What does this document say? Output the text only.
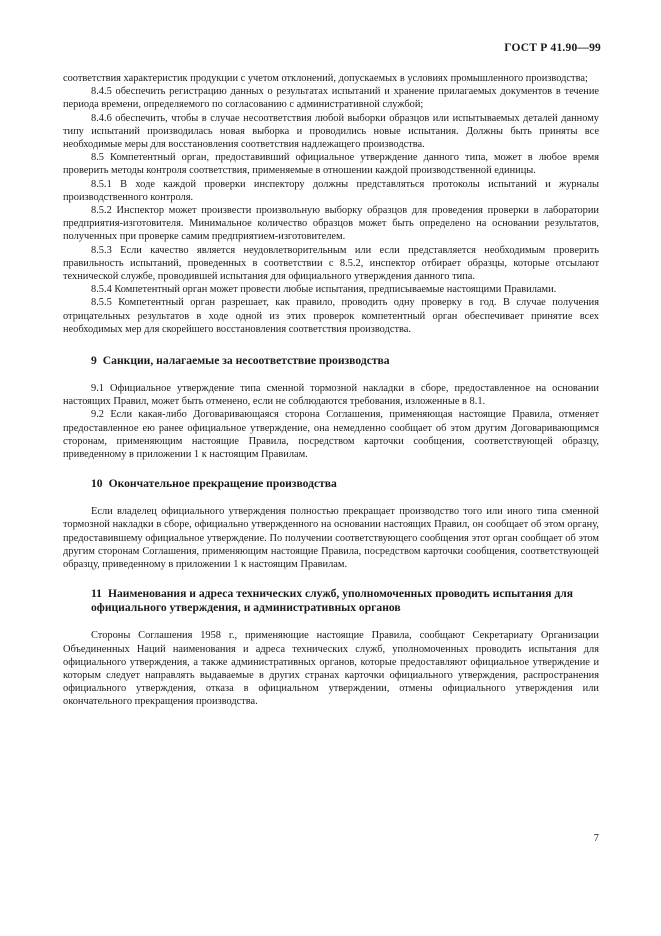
ГОСТ Р 41.90—99

соответствия характеристик продукции с учетом отклонений, допускаемых в условиях промышленного производства;

8.4.5 обеспечить регистрацию данных о результатах испытаний и хранение прилагаемых документов в течение периода времени, определяемого по согласованию с административной службой;

8.4.6 обеспечить, чтобы в случае несоответствия любой выборки образцов или испытываемых деталей данному типу испытаний производилась новая выборка и проводились новые испытания. Должны быть приняты все необходимые меры для восстановления соответствия надлежащего производства.

8.5 Компетентный орган, предоставивший официальное утверждение данного типа, может в любое время проверить методы контроля соответствия, применяемые в отношении каждой производственной единицы.

8.5.1 В ходе каждой проверки инспектору должны представляться протоколы испытаний и журналы производственного контроля.

8.5.2 Инспектор может произвести произвольную выборку образцов для проведения проверки в лаборатории предприятия-изготовителя. Минимальное количество образцов может быть определено на основании результатов, полученных при проверке самим предприятием-изготовителем.

8.5.3 Если качество является неудовлетворительным или если представляется необходимым проверить правильность испытаний, проведенных в соответствии с 8.5.2, инспектор отбирает образцы, которые отсылают технической службе, проводившей испытания для официального утверждения данного типа.

8.5.4 Компетентный орган может провести любые испытания, предписываемые настоящими Правилами.

8.5.5 Компетентный орган разрешает, как правило, проводить одну проверку в год. В случае получения отрицательных результатов в ходе одной из этих проверок компетентный орган обеспечивает принятие всех необходимых мер для скорейшего восстановления соответствия производства.

9 Санкции, налагаемые за несоответствие производства

9.1 Официальное утверждение типа сменной тормозной накладки в сборе, предоставленное на основании настоящих Правил, может быть отменено, если не соблюдаются требования, изложенные в 8.1.

9.2 Если какая-либо Договаривающаяся сторона Соглашения, применяющая настоящие Правила, отменяет предоставленное ею ранее официальное утверждение, она немедленно сообщает об этом другим Договаривающимся сторонам, применяющим настоящие Правила, посредством карточки сообщения, соответствующей образцу, приведенному в приложении 1 к настоящим Правилам.

10 Окончательное прекращение производства

Если владелец официального утверждения полностью прекращает производство того или иного типа сменной тормозной накладки в сборе, официально утвержденного на основании настоящих Правил, он сообщает об этом органу, предоставившему официальное утверждение. По получении соответствующего сообщения этот орган сообщает об этом другим сторонам Соглашения, применяющим настоящие Правила, посредством карточки сообщения, соответствующей образцу, приведенному в приложении 1 к настоящим Правилам.

11 Наименования и адреса технических служб, уполномоченных проводить испытания для официального утверждения, и административных органов

Стороны Соглашения 1958 г., применяющие настоящие Правила, сообщают Секретариату Организации Объединенных Наций наименования и адреса технических служб, уполномоченных проводить испытания для официального утверждения, а также административных органов, которые предоставляют официальное утверждение и которым следует направлять выдаваемые в других странах карточки официального утверждения, распространения официального утверждения, отказа в официальном утверждении, отмены официального утверждения или окончательного прекращения производства.

7
